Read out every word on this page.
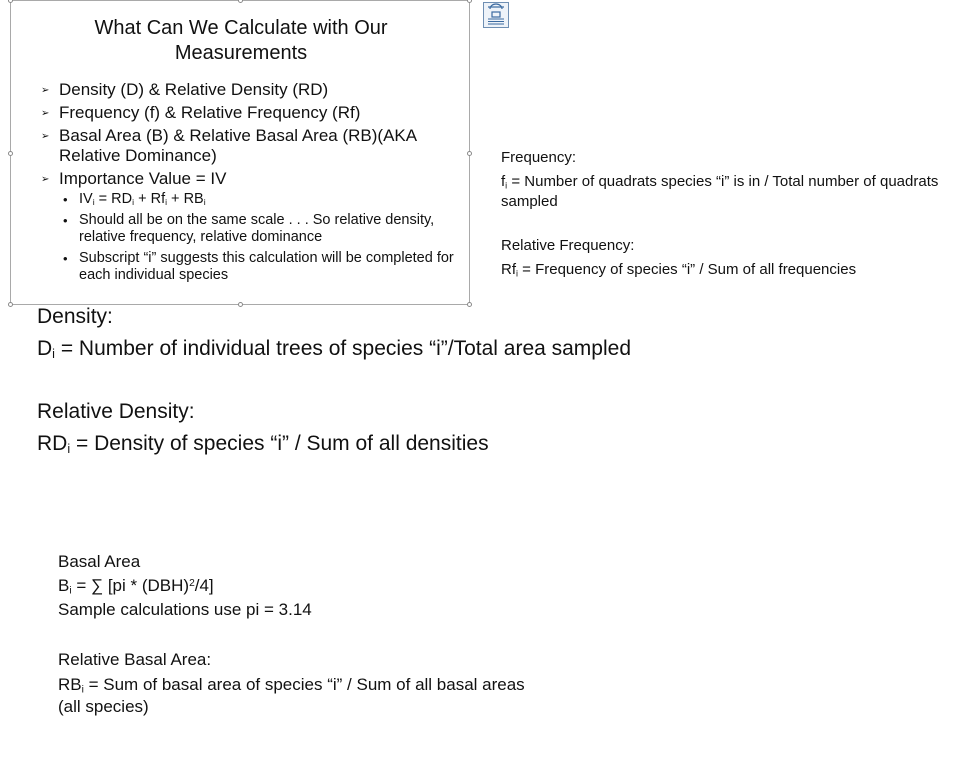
What Can We Calculate with Our
Measurements
➢ Density (D) & Relative Density (RD)
➢ Frequency (f) & Relative Frequency (Rf)
➢ Basal Area (B) & Relative Basal Area (RB)(AKA Relative Dominance)
➢ Importance Value = IV
• $IV_i = RD_i + Rf_i + RB_i$
• Should all be on the same scale . . . So relative density, relative frequency, relative dominance
• Subscript “i” suggests this calculation will be completed for each individual species

Frequency:

$f_i$ = Number of quadrats species “i” is in / Total number of quadrats sampled

Relative Frequency:

$Rf_i$ = Frequency of species “i” / Sum of all frequencies

Density:

$D_i$ = Number of individual trees of species “i”/Total area sampled

Relative Density:

$RD_i$ = Density of species “i” / Sum of all densities

Basal Area

$B_i$ = ∑ [pi * (DBH)$^2$/4]

Sample calculations use pi = 3.14

Relative Basal Area:

$RB_i$ = Sum of basal area of species “i” / Sum of all basal areas (all species)
